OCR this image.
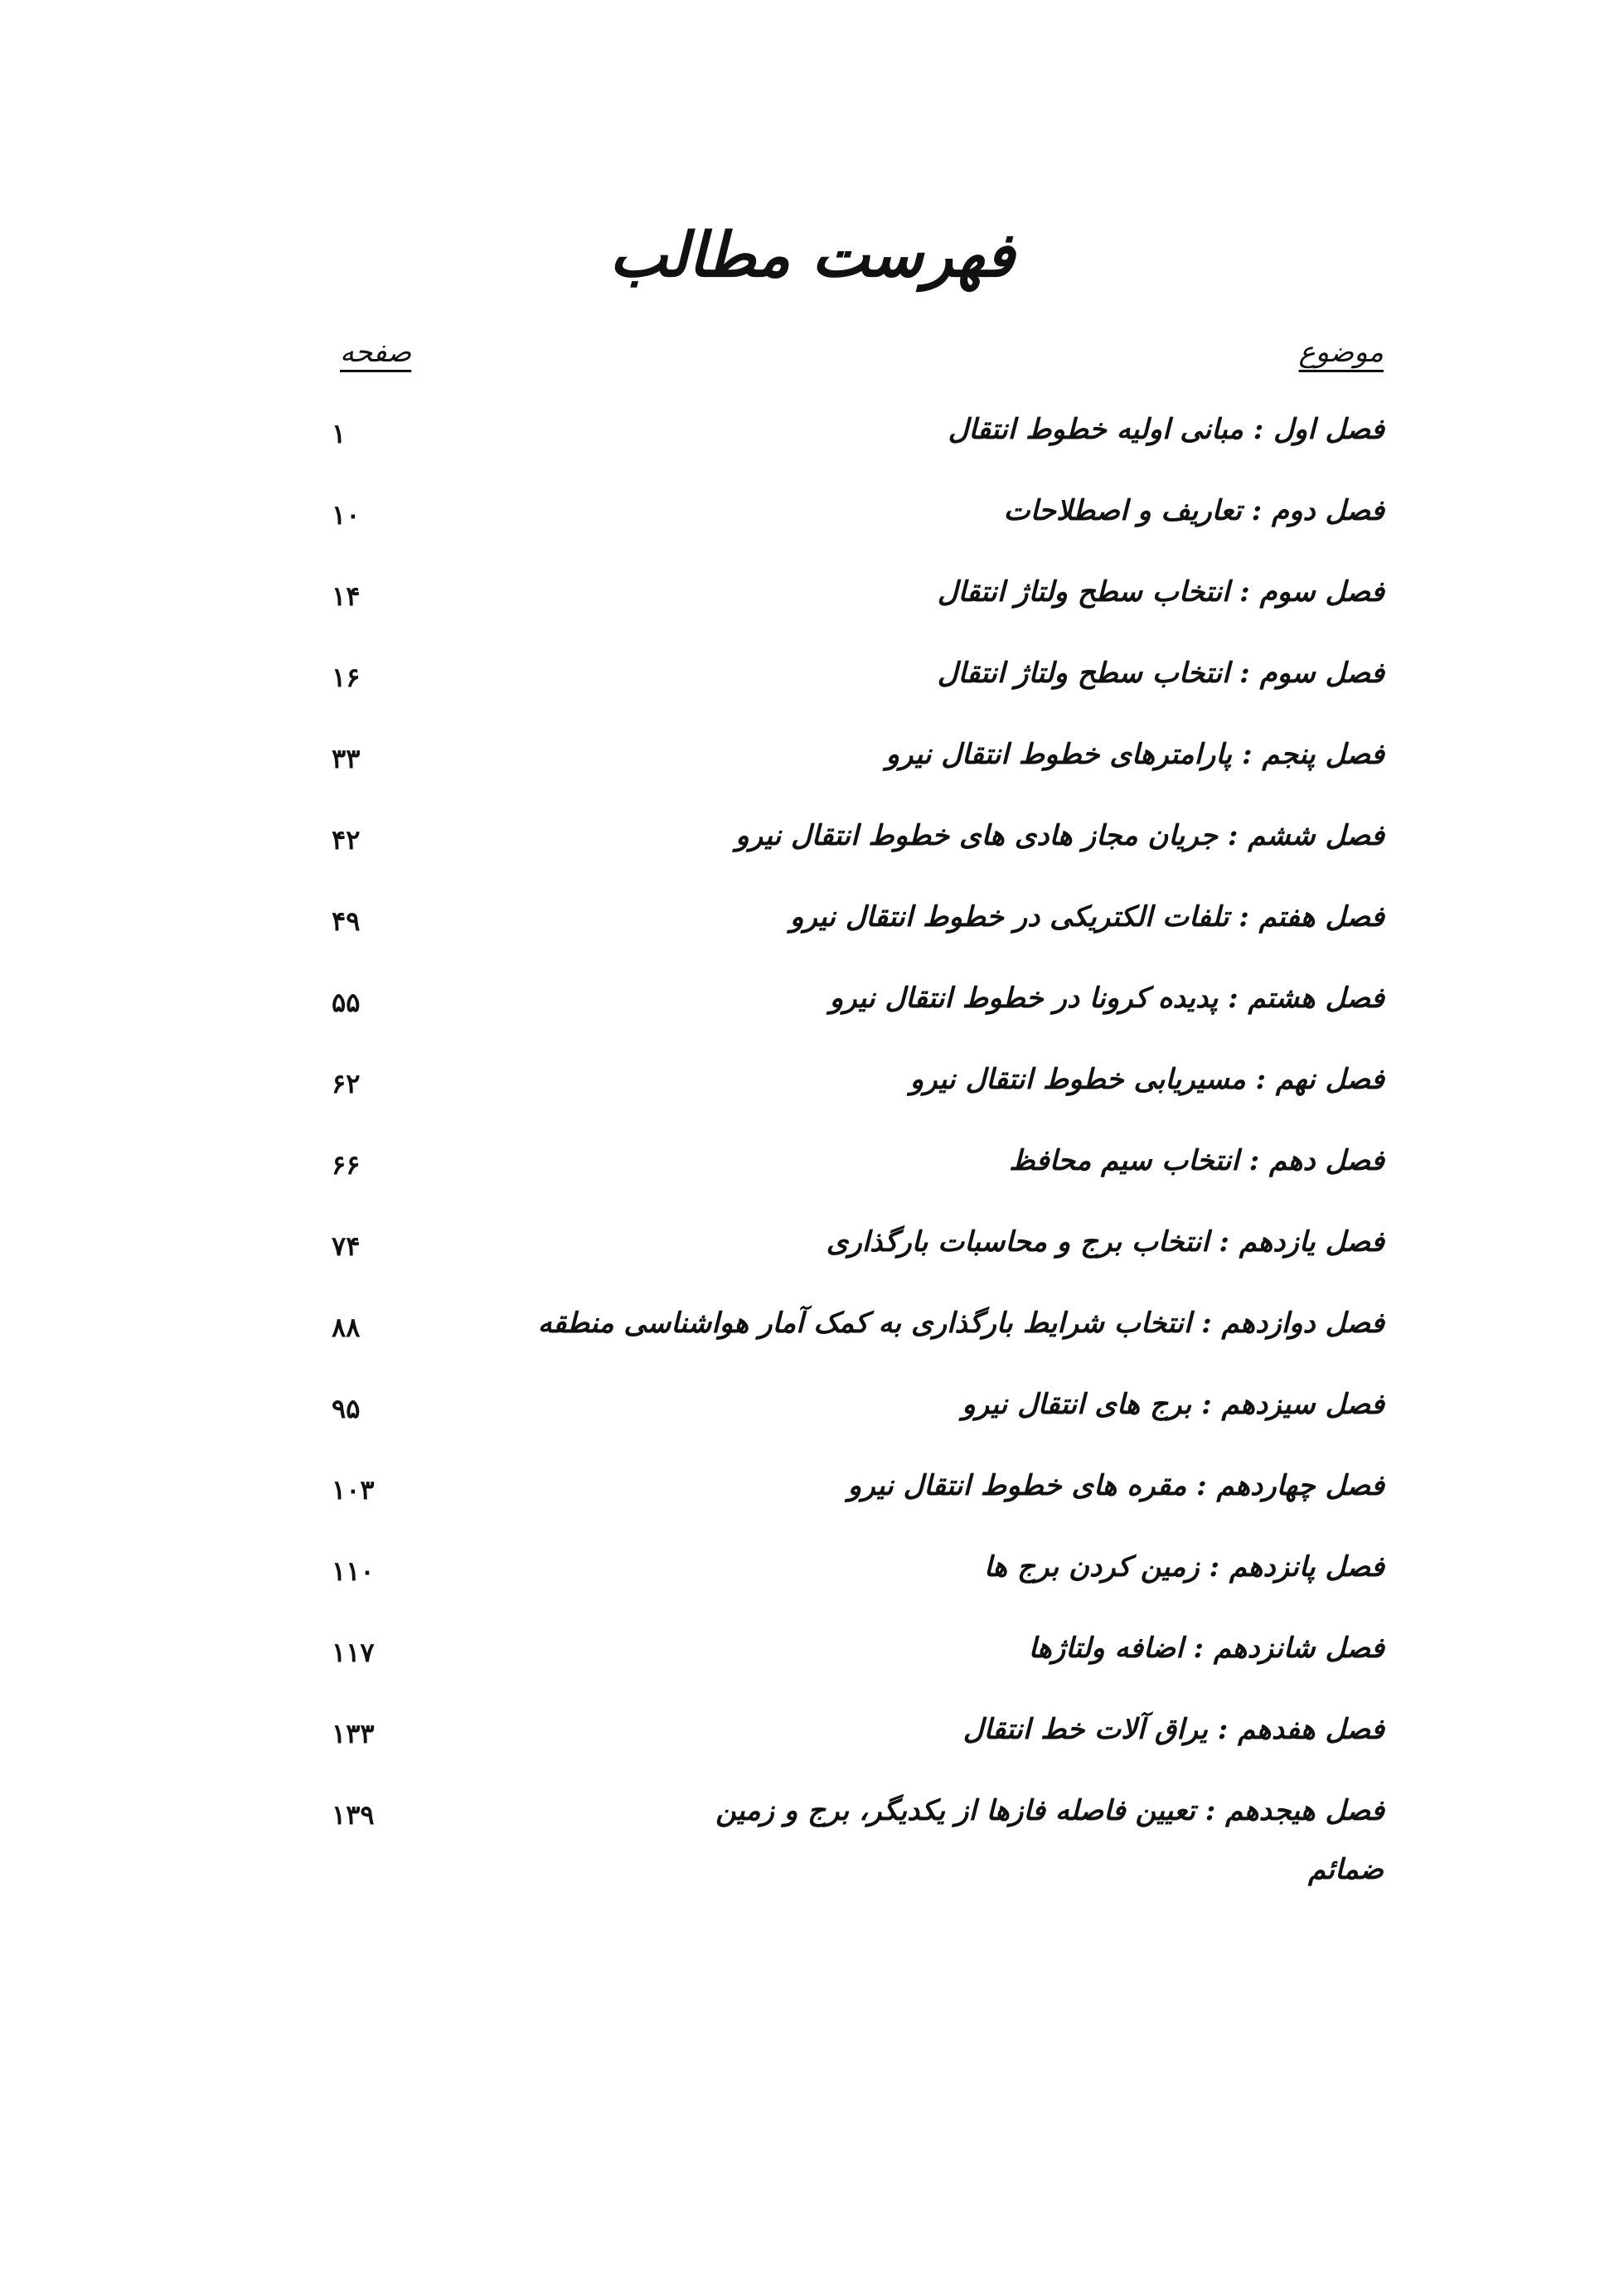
فهرست مطالب
موضوع
صفحه
فصل اول : مبانی اولیه خطوط انتقال
۱
فصل دوم : تعاریف و اصطلاحات
۱۰
فصل سوم : انتخاب سطح ولتاژ انتقال
۱۴
فصل سوم : انتخاب سطح ولتاژ انتقال
۱۶
فصل پنجم : پارامترهای خطوط انتقال نیرو
۳۳
فصل ششم : جریان مجاز هادی های خطوط انتقال نیرو
۴۲
فصل هفتم : تلفات الکتریکی در خطوط انتقال نیرو
۴۹
فصل هشتم : پدیده کرونا در خطوط انتقال نیرو
۵۵
فصل نهم : مسیریابی خطوط انتقال نیرو
۶۲
فصل دهم : انتخاب سیم محافظ
۶۶
فصل یازدهم : انتخاب برج و محاسبات بارگذاری
۷۴
فصل دوازدهم : انتخاب شرایط بارگذاری به کمک آمار هواشناسی منطقه
۸۸
فصل سیزدهم : برج های انتقال نیرو
۹۵
فصل چهاردهم : مقره های خطوط انتقال نیرو
۱۰۳
فصل پانزدهم : زمین کردن برج ها
۱۱۰
فصل شانزدهم : اضافه ولتاژها
۱۱۷
فصل هفدهم : یراق آلات خط انتقال
۱۳۳
فصل هیجدهم : تعیین فاصله فازها از یکدیگر، برج و زمین
۱۳۹
ضمائم
